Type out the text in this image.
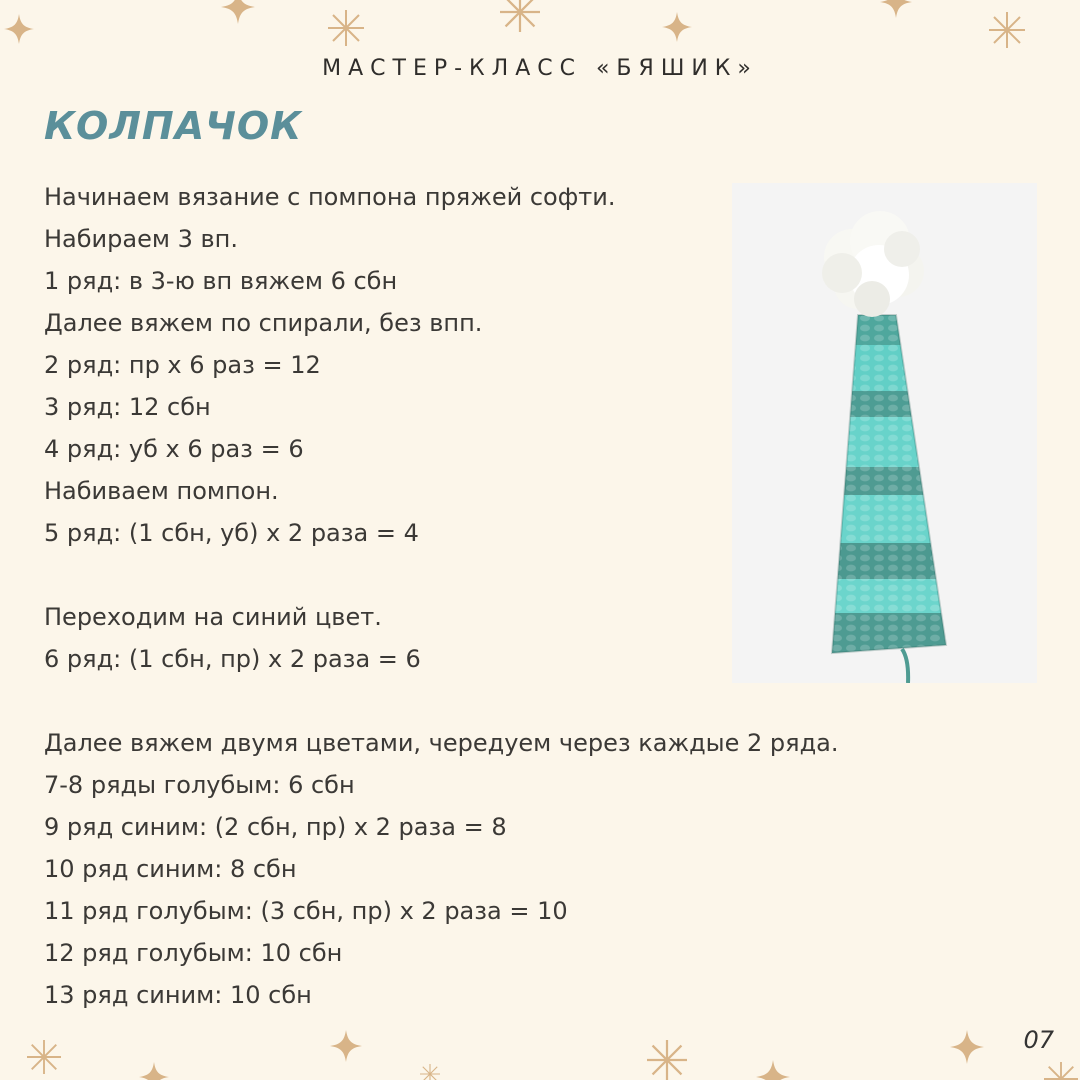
МАСТЕР-КЛАСС «БЯШИК»
КОЛПАЧОК
Начинаем вязание с помпона пряжей софти.
Набираем 3 вп.
1 ряд: в 3-ю вп вяжем 6 сбн
Далее вяжем по спирали, без впп.
2 ряд: пр х 6 раз = 12
3 ряд: 12 сбн
4 ряд: уб х 6 раз = 6
Набиваем помпон.
5 ряд: (1 сбн, уб) х 2 раза = 4
Переходим на синий цвет.
6 ряд: (1 сбн, пр) х 2 раза = 6
Далее вяжем двумя цветами, чередуем через каждые 2 ряда.
7-8 ряды голубым: 6 сбн
9 ряд синим: (2 сбн, пр) х 2 раза = 8
10 ряд синим: 8 сбн
11 ряд голубым: (3 сбн, пр) х 2 раза = 10
12 ряд голубым: 10 сбн
13 ряд синим: 10 сбн
07
